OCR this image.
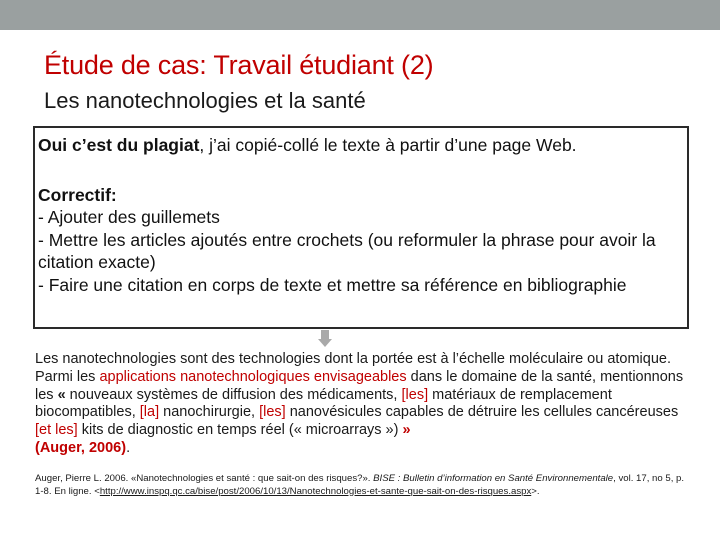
Étude de cas: Travail étudiant (2)
Les nanotechnologies et la santé
Oui c’est du plagiat, j’ai copié-collé le texte à partir d’une page Web.
Correctif:
- Ajouter des guillemets
- Mettre les articles ajoutés entre crochets (ou reformuler la phrase pour avoir la citation exacte)
- Faire une citation en corps de texte et mettre sa référence en bibliographie
Les nanotechnologies sont des technologies dont la portée est à l’échelle moléculaire ou atomique. Parmi les applications nanotechnologiques envisageables dans le domaine de la santé, mentionnons les « nouveaux systèmes de diffusion des médicaments, [les] matériaux de remplacement biocompatibles, [la] nanochirurgie, [les] nanovésicules capables de détruire les cellules cancéreuses [et les] kits de diagnostic en temps réel (« microarrays ») »
(Auger, 2006).
Auger, Pierre L. 2006. «Nanotechnologies et santé : que sait-on des risques?». BISE : Bulletin d’information en Santé Environnementale, vol. 17, no 5, p. 1-8. En ligne. <http://www.inspq.qc.ca/bise/post/2006/10/13/Nanotechnologies-et-sante-que-sait-on-des-risques.aspx>.
